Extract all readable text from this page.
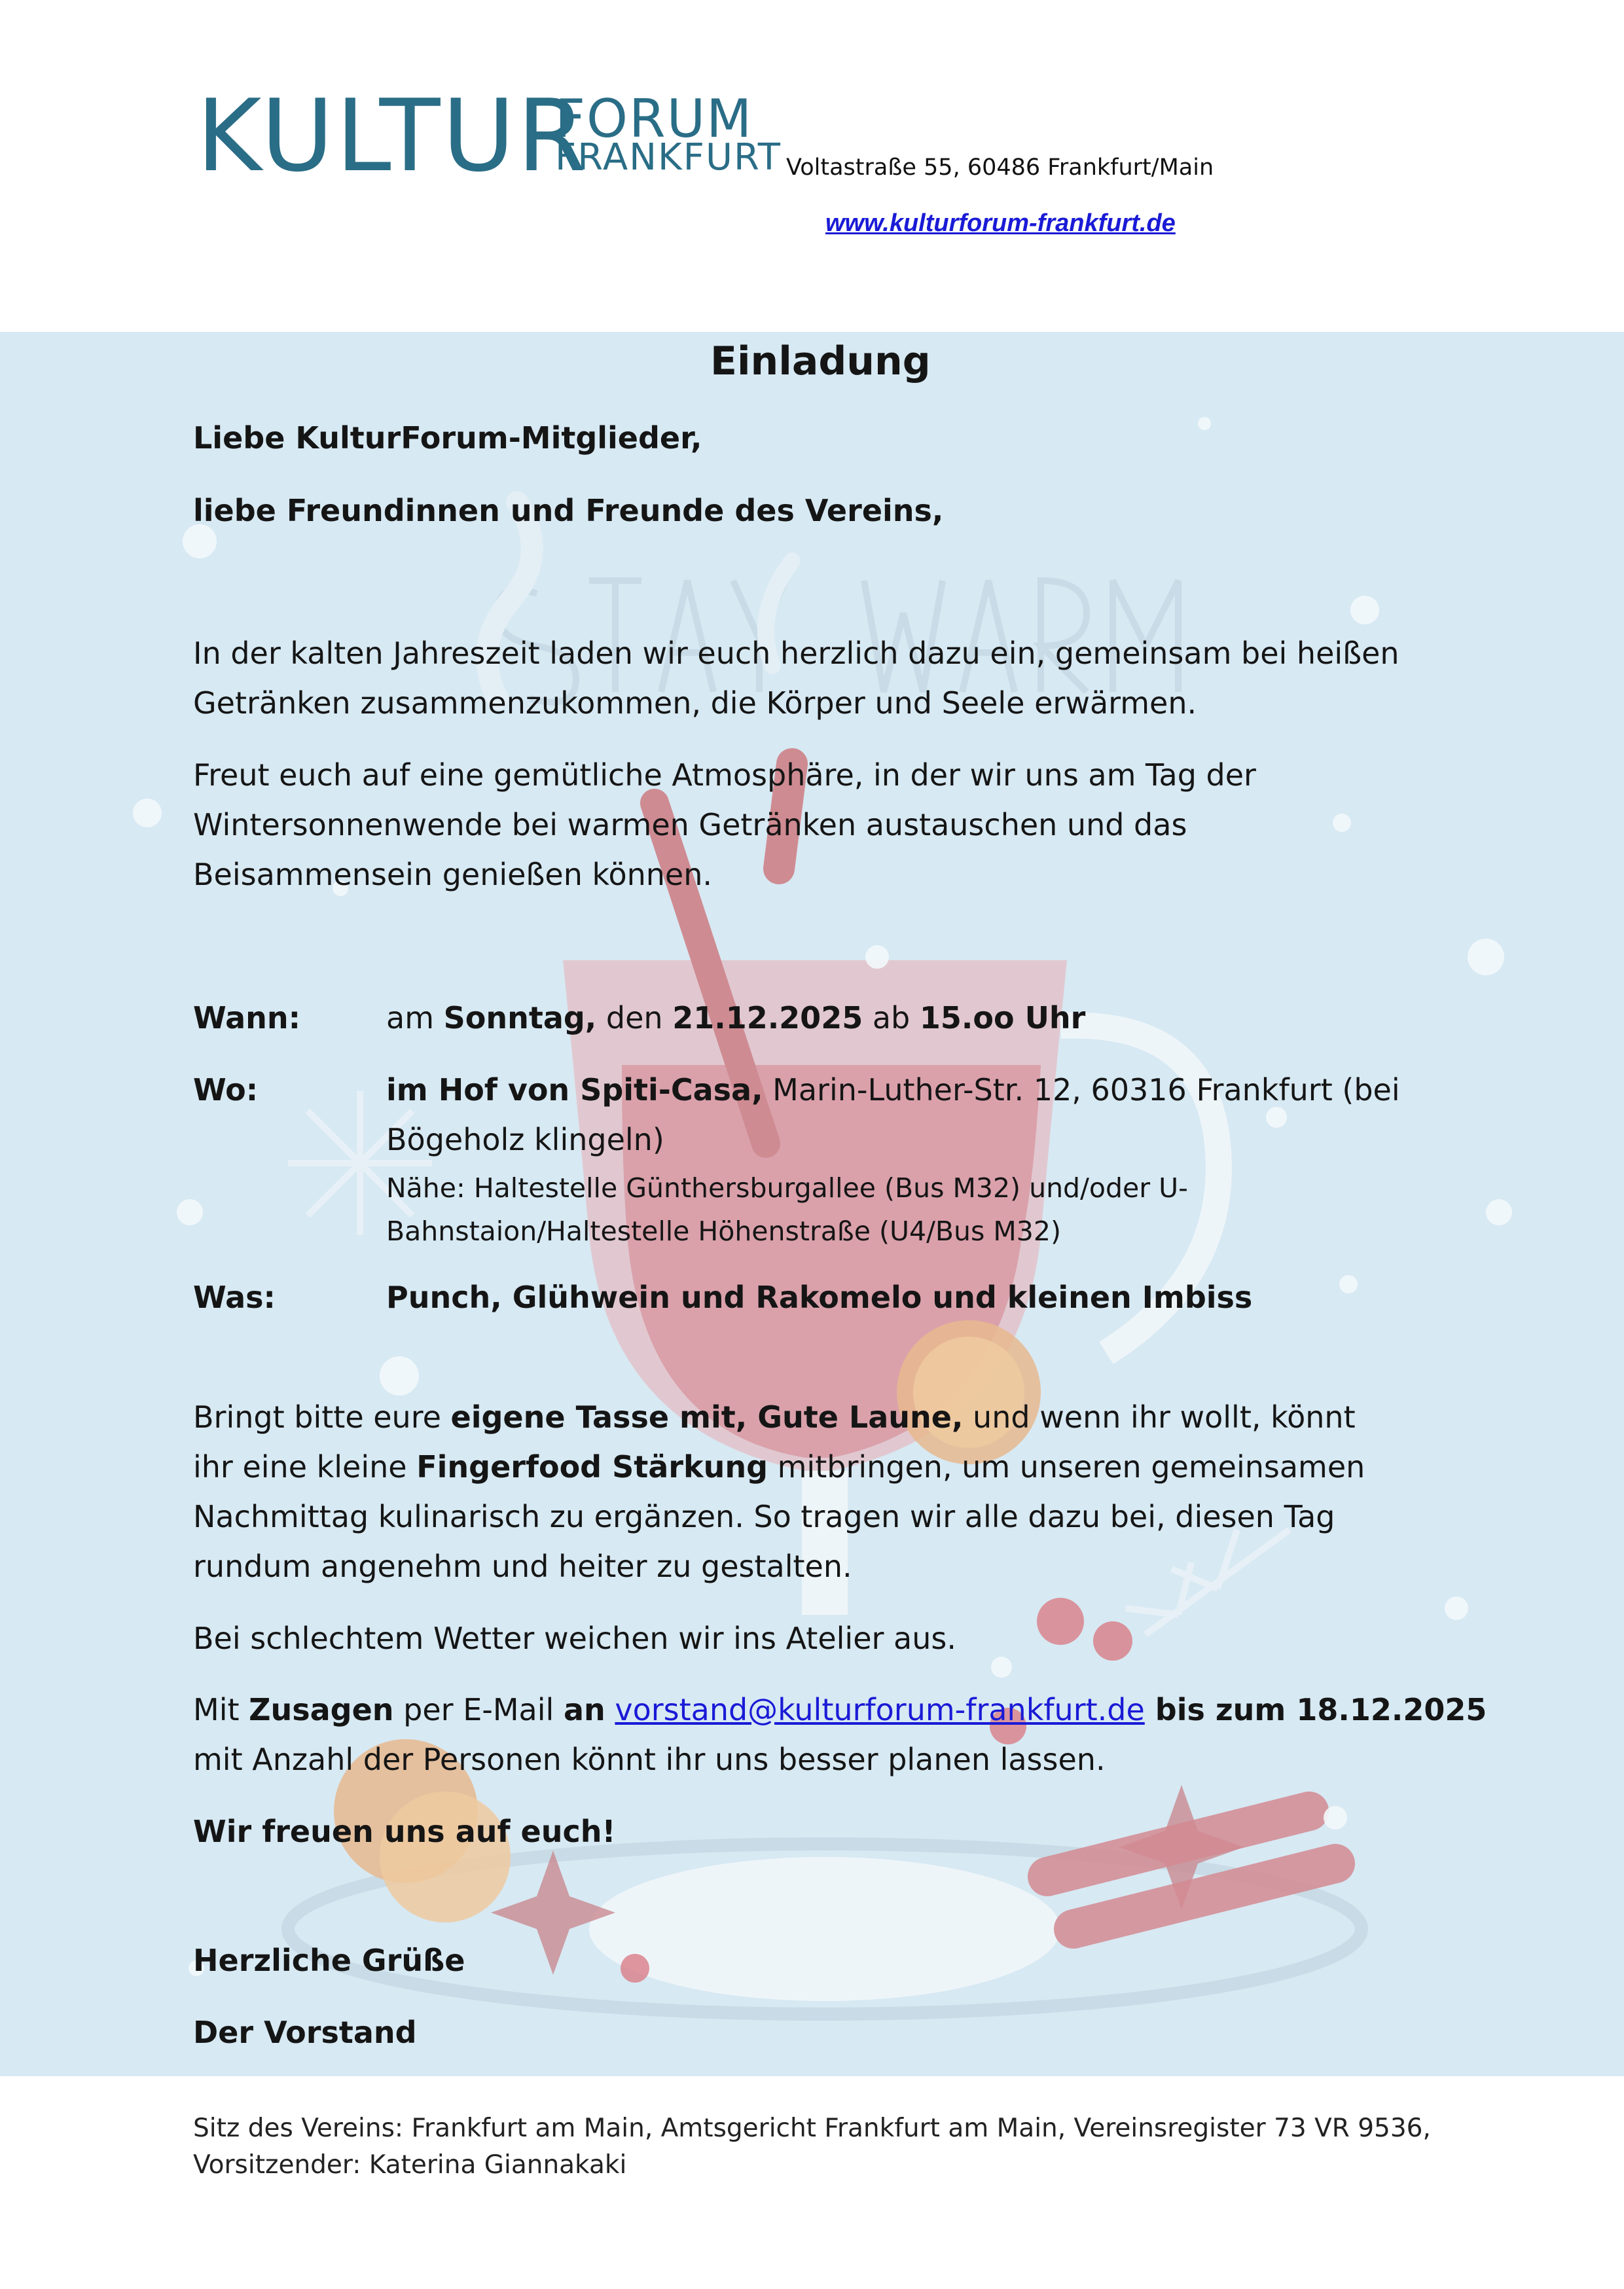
KULTUR
FORUM
FRANKFURT Voltastraße 55, 60486 Frankfurt/Main
www.kulturforum-frankfurt.de
Einladung
Liebe KulturForum-Mitglieder,
liebe Freundinnen und Freunde des Vereins,
In der kalten Jahreszeit laden wir euch herzlich dazu ein, gemeinsam bei heißen
Getränken zusammenzukommen, die Körper und Seele erwärmen.
Freut euch auf eine gemütliche Atmosphäre, in der wir uns am Tag der
Wintersonnenwende bei warmen Getränken austauschen und das
Beisammensein genießen können.
Wann:	am Sonntag, den 21.12.2025 ab 15.oo Uhr
Wo:	im Hof von Spiti-Casa, Marin-Luther-Str. 12, 60316 Frankfurt (bei
Bögeholz klingeln)
Nähe: Haltestelle Günthersburgallee (Bus M32) und/oder U-
Bahnstaion/Haltestelle Höhenstraße (U4/Bus M32)
Was:	Punch, Glühwein und Rakomelo und kleinen Imbiss
Bringt bitte eure eigene Tasse mit, Gute Laune, und wenn ihr wollt, könnt
ihr eine kleine Fingerfood Stärkung mitbringen, um unseren gemeinsamen
Nachmittag kulinarisch zu ergänzen. So tragen wir alle dazu bei, diesen Tag
rundum angenehm und heiter zu gestalten.
Bei schlechtem Wetter weichen wir ins Atelier aus.
Mit Zusagen per E-Mail an vorstand@kulturforum-frankfurt.de bis zum 18.12.2025
mit Anzahl der Personen könnt ihr uns besser planen lassen.
Wir freuen uns auf euch!
Herzliche Grüße
Der Vorstand
Sitz des Vereins: Frankfurt am Main, Amtsgericht Frankfurt am Main, Vereinsregister 73 VR 9536,
Vorsitzender: Katerina Giannakaki
